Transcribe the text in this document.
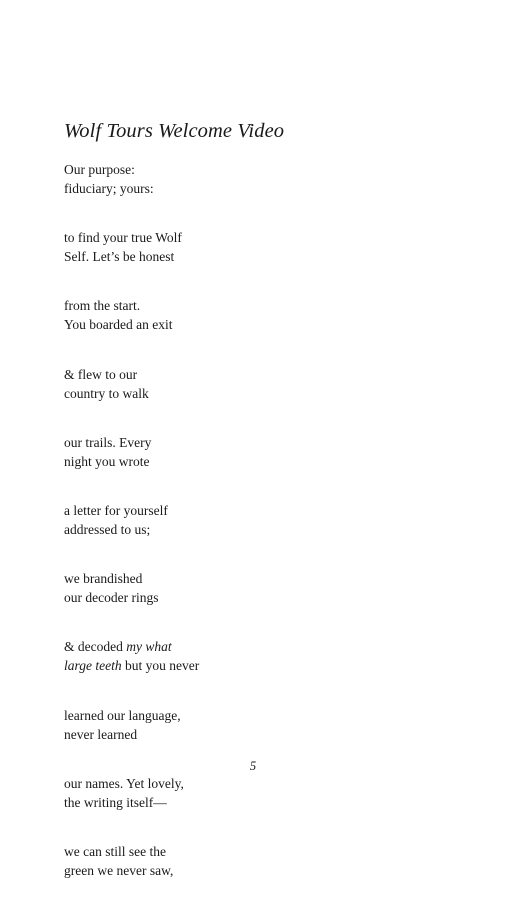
Wolf Tours Welcome Video
Our purpose:
fiduciary; yours:
to find your true Wolf
Self. Let’s be honest
from the start.
You boarded an exit
& flew to our
country to walk
our trails. Every
night you wrote
a letter for yourself
addressed to us;
we brandished
our decoder rings
& decoded my what
large teeth but you never
learned our language,
never learned
our names. Yet lovely,
the writing itself—
we can still see the
green we never saw,
5
